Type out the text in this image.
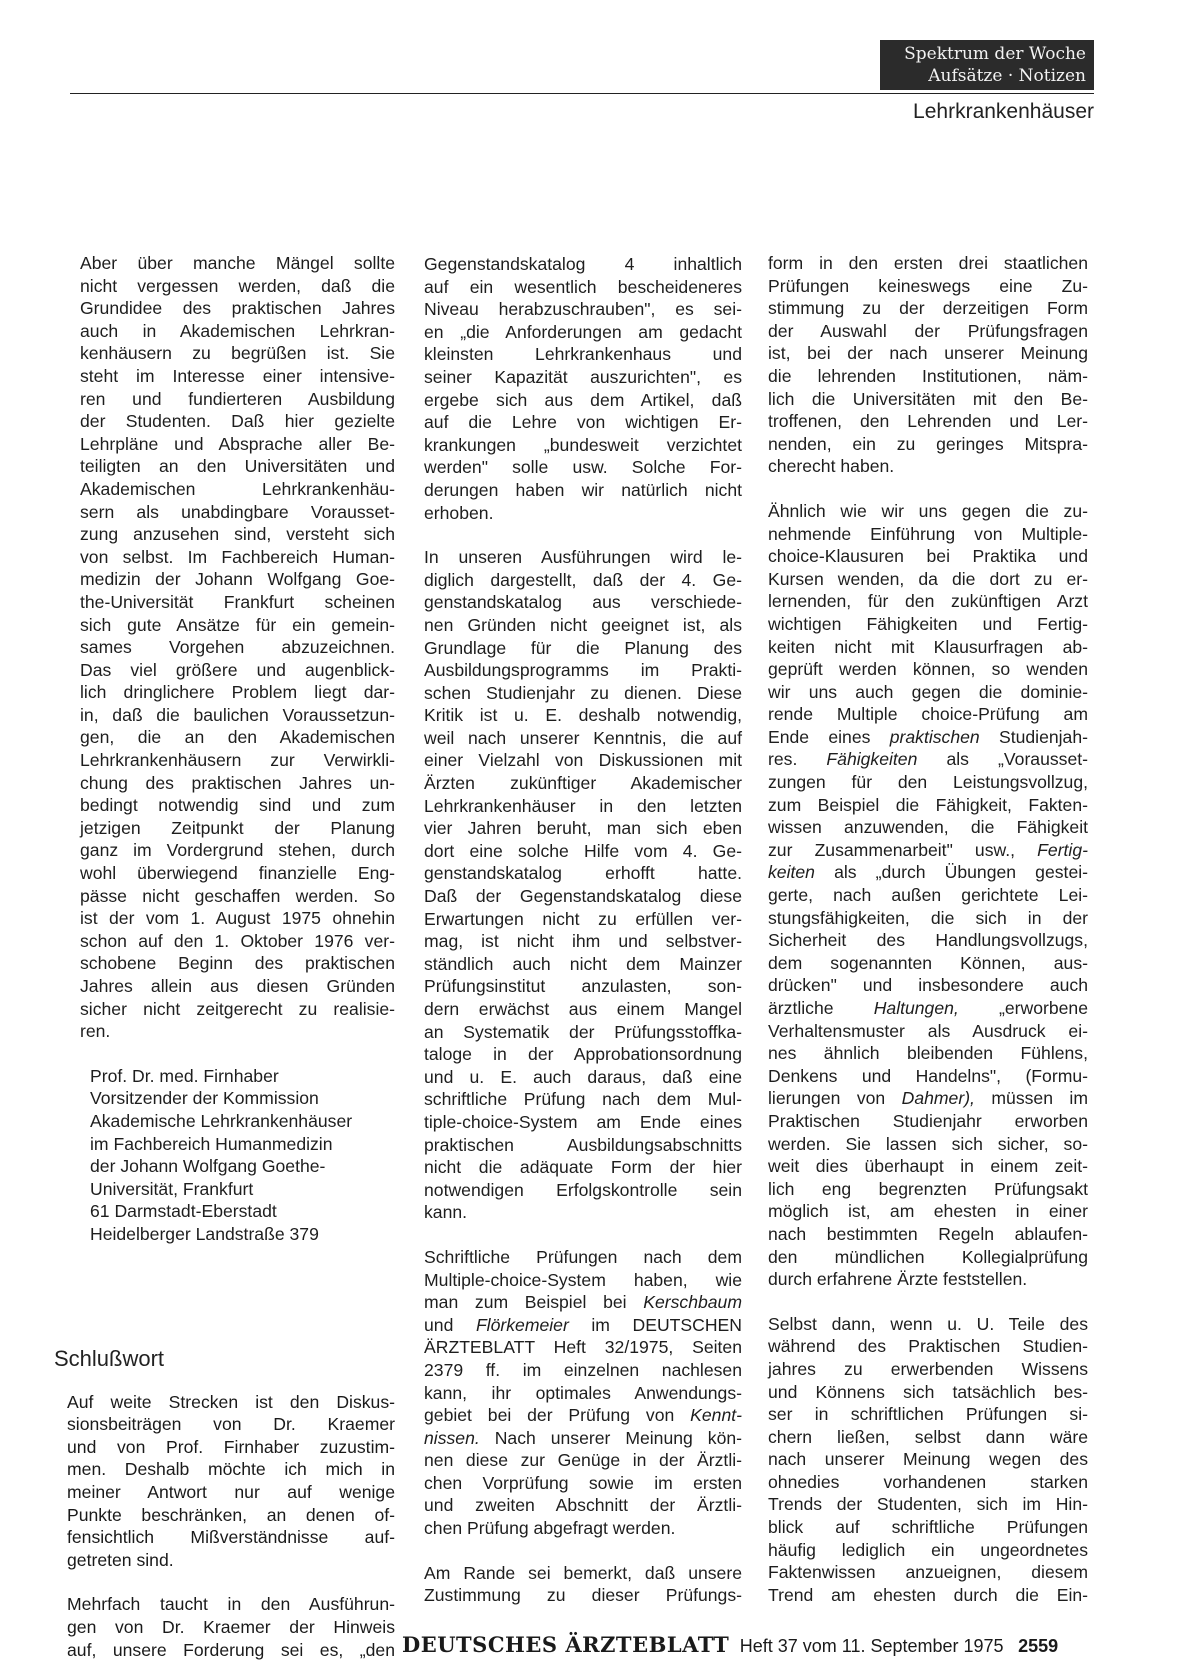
Spektrum der Woche
Aufsätze · Notizen
Lehrkrankenhäuser

Aber über manche Mängel sollte
nicht vergessen werden, daß die
Grundidee des praktischen Jahres
auch in Akademischen Lehrkran-
kenhäusern zu begrüßen ist. Sie
steht im Interesse einer intensive-
ren und fundierteren Ausbildung
der Studenten. Daß hier gezielte
Lehrpläne und Absprache aller Be-
teiligten an den Universitäten und
Akademischen Lehrkrankenhäu-
sern als unabdingbare Vorausset-
zung anzusehen sind, versteht sich
von selbst. Im Fachbereich Human-
medizin der Johann Wolfgang Goe-
the-Universität Frankfurt scheinen
sich gute Ansätze für ein gemein-
sames Vorgehen abzuzeichnen.
Das viel größere und augenblick-
lich dringlichere Problem liegt dar-
in, daß die baulichen Voraussetzun-
gen, die an den Akademischen
Lehrkrankenhäusern zur Verwirkli-
chung des praktischen Jahres un-
bedingt notwendig sind und zum
jetzigen Zeitpunkt der Planung
ganz im Vordergrund stehen, durch
wohl überwiegend finanzielle Eng-
pässe nicht geschaffen werden. So
ist der vom 1. August 1975 ohnehin
schon auf den 1. Oktober 1976 ver-
schobene Beginn des praktischen
Jahres allein aus diesen Gründen
sicher nicht zeitgerecht zu realisie-
ren.

Prof. Dr. med. Firnhaber
Vorsitzender der Kommission
Akademische Lehrkrankenhäuser
im Fachbereich Humanmedizin
der Johann Wolfgang Goethe-
Universität, Frankfurt
61 Darmstadt-Eberstadt
Heidelberger Landstraße 379
Schlußwort

Auf weite Strecken ist den Diskus-
sionsbeiträgen von Dr. Kraemer
und von Prof. Firnhaber zuzustim-
men. Deshalb möchte ich mich in
meiner Antwort nur auf wenige
Punkte beschränken, an denen of-
fensichtlich Mißverständnisse auf-
getreten sind.

Mehrfach taucht in den Ausführun-
gen von Dr. Kraemer der Hinweis
auf, unsere Forderung sei es, „den

Gegenstandskatalog 4 inhaltlich
auf ein wesentlich bescheideneres
Niveau herabzuschrauben", es sei-
en „die Anforderungen am gedacht
kleinsten Lehrkrankenhaus und
seiner Kapazität auszurichten", es
ergebe sich aus dem Artikel, daß
auf die Lehre von wichtigen Er-
krankungen „bundesweit verzichtet
werden" solle usw. Solche For-
derungen haben wir natürlich nicht
erhoben.

In unseren Ausführungen wird le-
diglich dargestellt, daß der 4. Ge-
genstandskatalog aus verschiede-
nen Gründen nicht geeignet ist, als
Grundlage für die Planung des
Ausbildungsprogramms im Prakti-
schen Studienjahr zu dienen. Diese
Kritik ist u. E. deshalb notwendig,
weil nach unserer Kenntnis, die auf
einer Vielzahl von Diskussionen mit
Ärzten zukünftiger Akademischer
Lehrkrankenhäuser in den letzten
vier Jahren beruht, man sich eben
dort eine solche Hilfe vom 4. Ge-
genstandskatalog erhofft hatte.
Daß der Gegenstandskatalog diese
Erwartungen nicht zu erfüllen ver-
mag, ist nicht ihm und selbstver-
ständlich auch nicht dem Mainzer
Prüfungsinstitut anzulasten, son-
dern erwächst aus einem Mangel
an Systematik der Prüfungsstoffka-
taloge in der Approbationsordnung
und u. E. auch daraus, daß eine
schriftliche Prüfung nach dem Mul-
tiple-choice-System am Ende eines
praktischen Ausbildungsabschnitts
nicht die adäquate Form der hier
notwendigen Erfolgskontrolle sein
kann.

Schriftliche Prüfungen nach dem
Multiple-choice-System haben, wie
man zum Beispiel bei Kerschbaum
und Flörkemeier im DEUTSCHEN
ÄRZTEBLATT Heft 32/1975, Seiten
2379 ff. im einzelnen nachlesen
kann, ihr optimales Anwendungs-
gebiet bei der Prüfung von Kennt-
nissen. Nach unserer Meinung kön-
nen diese zur Genüge in der Ärztli-
chen Vorprüfung sowie im ersten
und zweiten Abschnitt der Ärztli-
chen Prüfung abgefragt werden.

Am Rande sei bemerkt, daß unsere
Zustimmung zu dieser Prüfungs-

form in den ersten drei staatlichen
Prüfungen keineswegs eine Zu-
stimmung zu der derzeitigen Form
der Auswahl der Prüfungsfragen
ist, bei der nach unserer Meinung
die lehrenden Institutionen, näm-
lich die Universitäten mit den Be-
troffenen, den Lehrenden und Ler-
nenden, ein zu geringes Mitspra-
cherecht haben.

Ähnlich wie wir uns gegen die zu-
nehmende Einführung von Multiple-
choice-Klausuren bei Praktika und
Kursen wenden, da die dort zu er-
lernenden, für den zukünftigen Arzt
wichtigen Fähigkeiten und Fertig-
keiten nicht mit Klausurfragen ab-
geprüft werden können, so wenden
wir uns auch gegen die dominie-
rende Multiple choice-Prüfung am
Ende eines praktischen Studienjah-
res. Fähigkeiten als „Vorausset-
zungen für den Leistungsvollzug,
zum Beispiel die Fähigkeit, Fakten-
wissen anzuwenden, die Fähigkeit
zur Zusammenarbeit" usw., Fertig-
keiten als „durch Übungen gestei-
gerte, nach außen gerichtete Lei-
stungsfähigkeiten, die sich in der
Sicherheit des Handlungsvollzugs,
dem sogenannten Können, aus-
drücken" und insbesondere auch
ärztliche Haltungen, „erworbene
Verhaltensmuster als Ausdruck ei-
nes ähnlich bleibenden Fühlens,
Denkens und Handelns", (Formu-
lierungen von Dahmer), müssen im
Praktischen Studienjahr erworben
werden. Sie lassen sich sicher, so-
weit dies überhaupt in einem zeit-
lich eng begrenzten Prüfungsakt
möglich ist, am ehesten in einer
nach bestimmten Regeln ablaufen-
den mündlichen Kollegialprüfung
durch erfahrene Ärzte feststellen.

Selbst dann, wenn u. U. Teile des
während des Praktischen Studien-
jahres zu erwerbenden Wissens
und Könnens sich tatsächlich bes-
ser in schriftlichen Prüfungen si-
chern ließen, selbst dann wäre
nach unserer Meinung wegen des
ohnedies vorhandenen starken
Trends der Studenten, sich im Hin-
blick auf schriftliche Prüfungen
häufig lediglich ein ungeordnetes
Faktenwissen anzueignen, diesem
Trend am ehesten durch die Ein-

DEUTSCHES ÄRZTEBLATT Heft 37 vom 11. September 1975 2559
